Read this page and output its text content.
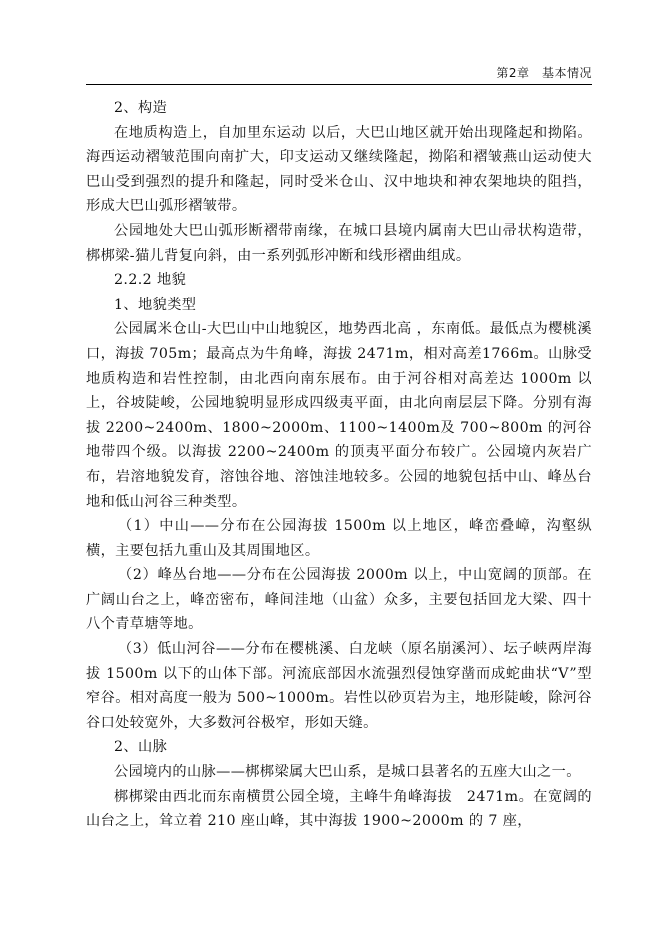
第2章　基本情况

2、构造

在地质构造上，自加里东运动 以后，大巴山地区就开始出现隆起和拗陷。海西运动褶皱范围向南扩大，印支运动又继续隆起，拗陷和褶皱燕山运动使大巴山受到强烈的提升和隆起，同时受米仓山、汉中地块和神农架地块的阻挡，形成大巴山弧形褶皱带。

公园地处大巴山弧形断褶带南缘，在城口县境内属南大巴山帚状构造带，梆梆梁-猫儿背复向斜，由一系列弧形冲断和线形褶曲组成。

2.2.2 地貌

1、地貌类型

公园属米仓山-大巴山中山地貌区，地势西北高 ，东南低。最低点为樱桃溪口，海拔 705m；最高点为牛角峰，海拔 2471m，相对高差1766m。山脉受地质构造和岩性控制，由北西向南东展布。由于河谷相对高差达 1000m 以上，谷坡陡峻，公园地貌明显形成四级夷平面，由北向南层层下降。分别有海拔 2200~2400m、1800~2000m、1100~1400m及 700~800m 的河谷地带四个级。以海拔 2200~2400m 的顶夷平面分布较广。公园境内灰岩广布，岩溶地貌发育，溶蚀谷地、溶蚀洼地较多。公园的地貌包括中山、峰丛台地和低山河谷三种类型。

（1）中山——分布在公园海拔 1500m 以上地区，峰峦叠嶂，沟壑纵横，主要包括九重山及其周围地区。

（2）峰丛台地——分布在公园海拔 2000m 以上，中山宽阔的顶部。在广阔山台之上，峰峦密布，峰间洼地（山盆）众多，主要包括回龙大梁、四十八个青草塘等地。

（3）低山河谷——分布在樱桃溪、白龙峡（原名崩溪河）、坛子峡两岸海拔 1500m 以下的山体下部。河流底部因水流强烈侵蚀穿凿而成蛇曲状“V”型窄谷。相对高度一般为 500~1000m。岩性以砂页岩为主，地形陡峻，除河谷谷口处较宽外，大多数河谷极窄，形如天缝。

2、山脉

公园境内的山脉——梆梆梁属大巴山系，是城口县著名的五座大山之一。

梆梆梁由西北而东南横贯公园全境，主峰牛角峰海拔　2471m。在宽阔的山台之上，耸立着 210 座山峰，其中海拔 1900~2000m 的 7 座，
